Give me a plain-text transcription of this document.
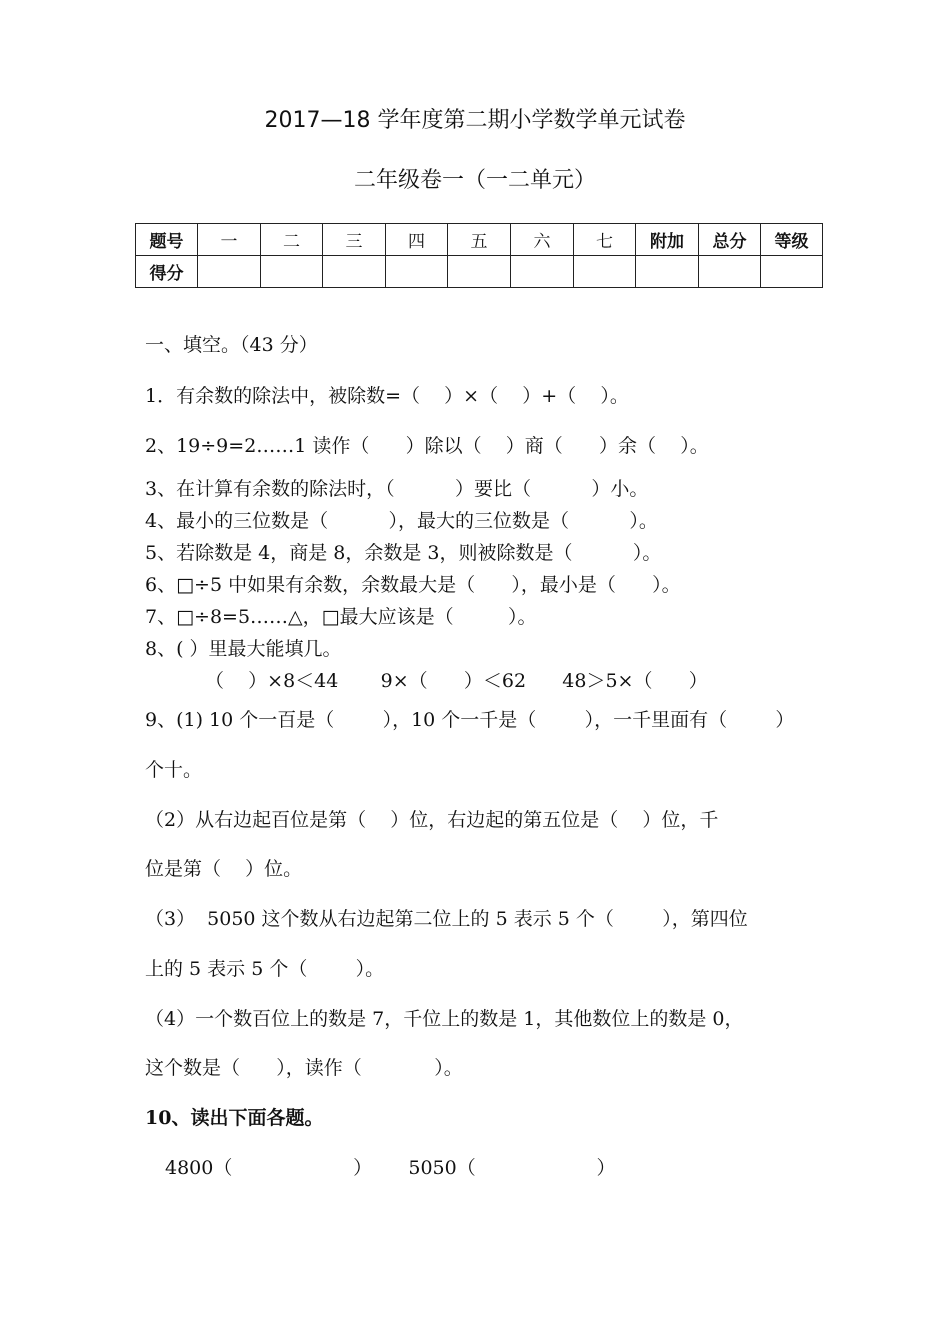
2017—18 学年度第二期小学数学单元试卷
二年级卷一（一二单元）
题号	一	二	三	四	五	六	七	附加	总分	等级
得分										
一、填空。（43 分）
1．有余数的除法中，被除数=（    ）×（    ）+（    ）。
2、19÷9=2……1 读作（      ）除以（    ）商（      ）余（    ）。
3、在计算有余数的除法时，（          ）要比（          ）小。
4、最小的三位数是（          ），最大的三位数是（          ）。
5、若除数是 4，商是 8，余数是 3，则被除数是（          ）。
6、□÷5 中如果有余数，余数最大是（      ），最小是（      ）。
7、□÷8=5……△，□最大应该是（         ）。
8、( ）里最大能填几。
（    ）×8＜44       9×（      ）＜62      48＞5×（      ）
9、(1) 10 个一百是（        ），10 个一千是（        ），一千里面有（        ）
个十。
（2）从右边起百位是第（    ）位，右边起的第五位是（    ）位，千
位是第（    ）位。
（3）  5050 这个数从右边起第二位上的 5 表示 5 个（        ），第四位
上的 5 表示 5 个（        ）。
（4）一个数百位上的数是 7，千位上的数是 1，其他数位上的数是 0，
这个数是（      ），读作（            ）。
10、读出下面各题。
4800（                    ）      5050（                    ）
